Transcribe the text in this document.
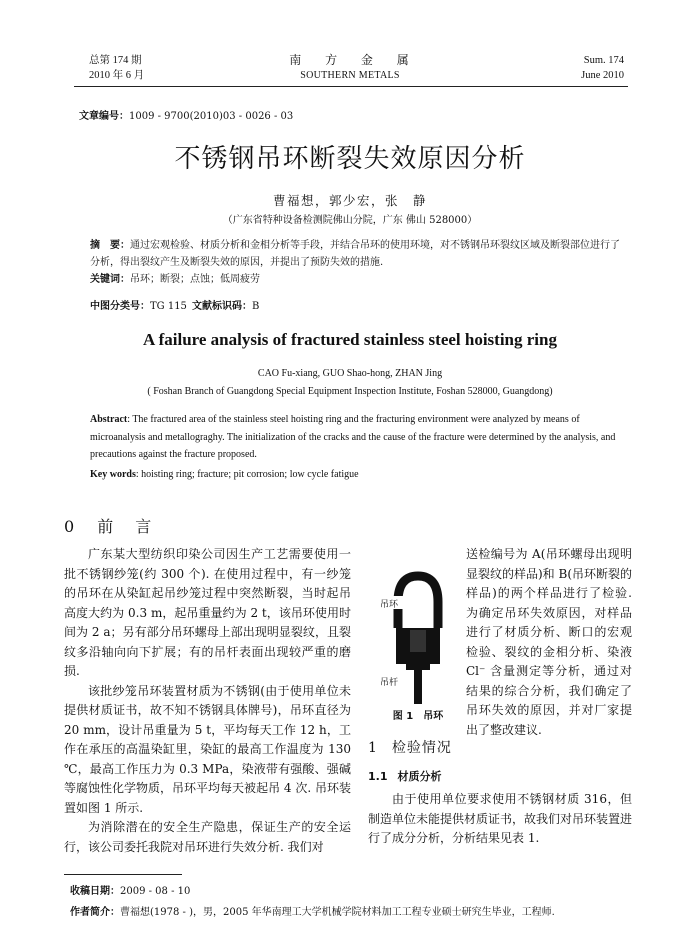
总第 174 期
2010 年 6 月
南 方 金 属
SOUTHERN METALS
Sum. 174
June 2010
文章编号：1009 - 9700(2010)03 - 0026 - 03
不锈钢吊环断裂失效原因分析
曹福想，郭少宏，张　静
（广东省特种设备检测院佛山分院，广东 佛山 528000）
摘　要：通过宏观检验、材质分析和金相分析等手段，并结合吊环的使用环境，对不锈钢吊环裂纹区域及断裂部位进行了分析，得出裂纹产生及断裂失效的原因，并提出了预防失效的措施.
关键词：吊环；断裂；点蚀；低周疲劳
中图分类号：TG 115 文献标识码：B
A failure analysis of fractured stainless steel hoisting ring
CAO Fu-xiang, GUO Shao-hong, ZHAN Jing
( Foshan Branch of Guangdong Special Equipment Inspection Institute, Foshan 528000, Guangdong)
Abstract: The fractured area of the stainless steel hoisting ring and the fracturing environment were analyzed by means of microanalysis and metallograghy. The initialization of the cracks and the cause of the fracture were determined by the analysis, and precautions against the fracture proposed.
Key words: hoisting ring; fracture; pit corrosion; low cycle fatigue
0 前　言

广东某大型纺织印染公司因生产工艺需要使用一批不锈钢纱笼(约 300 个). 在使用过程中，有一纱笼的吊环在从染缸起吊纱笼过程中突然断裂，当时起吊高度大约为 0.3 m，起吊重量约为 2 t，该吊环使用时间为 2 a；另有部分吊环螺母上部出现明显裂纹，且裂纹多沿轴向向下扩展；有的吊杆表面出现较严重的磨损.

该批纱笼吊环装置材质为不锈钢(由于使用单位未提供材质证书，故不知不锈钢具体牌号)，吊环直径为 20 mm，设计吊重量为 5 t，平均每天工作 12 h，工作在承压的高温染缸里，染缸的最高工作温度为 130 ℃，最高工作压力为 0.3 MPa，染液带有强酸、强碱等腐蚀性化学物质，吊环平均每天被起吊 4 次. 吊环装置如图 1 所示.

为消除潜在的安全生产隐患，保证生产的安全运行，该公司委托我院对吊环进行失效分析. 我们对

吊环
吊杆
图 1　吊环
送检编号为 A(吊环螺母出现明显裂纹的样品)和 B(吊环断裂的样品)的两个样品进行了检验. 为确定吊环失效原因，对样品进行了材质分析、断口的宏观检验、裂纹的金相分析、染液 Cl⁻ 含量测定等分析，通过对结果的综合分析，我们确定了吊环失效的原因，并对厂家提出了整改建议.
1 检验情况
1.1 材质分析

由于使用单位要求使用不锈钢材质 316，但制造单位未能提供材质证书，故我们对吊环装置进行了成分分析，分析结果见表 1.

收稿日期：2009 - 08 - 10
作者简介：曹福想(1978 - )，男，2005 年华南理工大学机械学院材料加工工程专业硕士研究生毕业，工程师.
